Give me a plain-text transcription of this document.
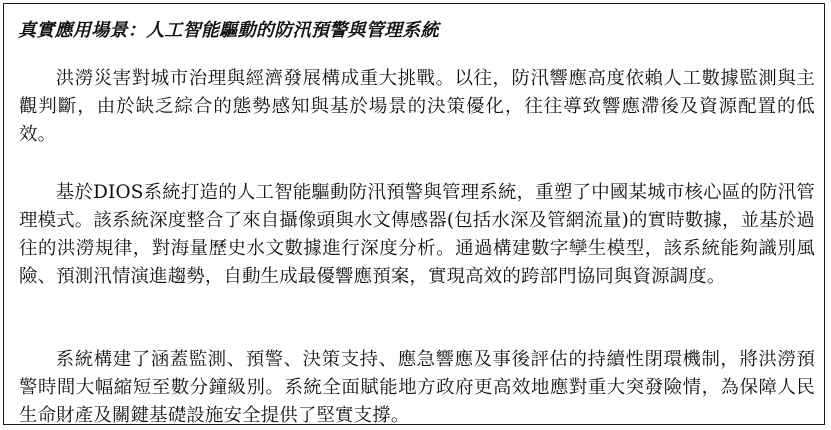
真實應用場景：人工智能驅動的防汛預警與管理系統

洪澇災害對城市治理與經濟發展構成重大挑戰。以往，防汛響應高度依賴人工數據監測與主觀判斷，由於缺乏綜合的態勢感知與基於場景的決策優化，往往導致響應滯後及資源配置的低效。

基於DIOS系統打造的人工智能驅動防汛預警與管理系統，重塑了中國某城市核心區的防汛管理模式。該系統深度整合了來自攝像頭與水文傳感器(包括水深及管網流量)的實時數據，並基於過往的洪澇規律，對海量歷史水文數據進行深度分析。通過構建數字孿生模型，該系統能夠識別風險、預測汛情演進趨勢，自動生成最優響應預案，實現高效的跨部門協同與資源調度。

系統構建了涵蓋監測、預警、決策支持、應急響應及事後評估的持續性閉環機制，將洪澇預警時間大幅縮短至數分鐘級別。系統全面賦能地方政府更高效地應對重大突發險情，為保障人民生命財產及關鍵基礎設施安全提供了堅實支撐。
